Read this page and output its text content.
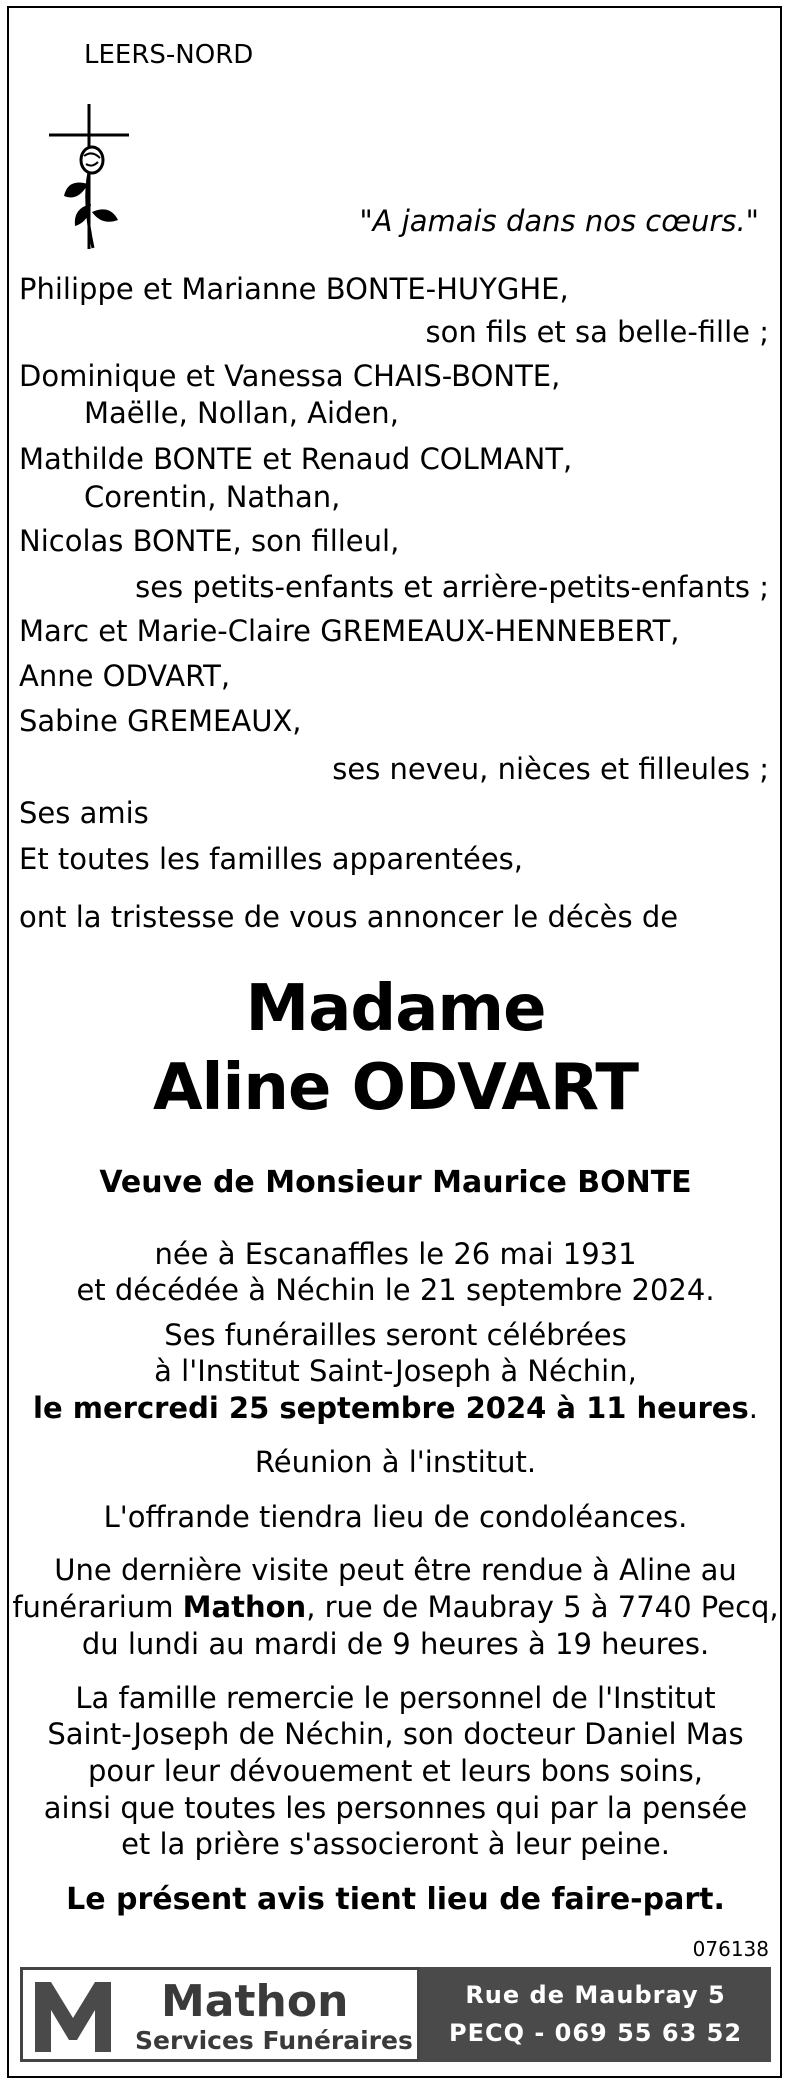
LEERS-NORD
"A jamais dans nos cœurs."
Philippe et Marianne BONTE-HUYGHE,
son fils et sa belle-fille ;
Dominique et Vanessa CHAIS-BONTE,
Maëlle, Nollan, Aiden,
Mathilde BONTE et Renaud COLMANT,
Corentin, Nathan,
Nicolas BONTE, son filleul,
ses petits-enfants et arrière-petits-enfants ;
Marc et Marie-Claire GREMEAUX-HENNEBERT,
Anne ODVART,
Sabine GREMEAUX,
ses neveu, nièces et filleules ;
Ses amis
Et toutes les familles apparentées,
ont la tristesse de vous annoncer le décès de
Madame
Aline ODVART
Veuve de Monsieur Maurice BONTE
née à Escanaffles le 26 mai 1931
et décédée à Néchin le 21 septembre 2024.
Ses funérailles seront célébrées
à l'Institut Saint-Joseph à Néchin,
le mercredi 25 septembre 2024 à 11 heures.
Réunion à l'institut.
L'offrande tiendra lieu de condoléances.
Une dernière visite peut être rendue à Aline au
funérarium Mathon, rue de Maubray 5 à 7740 Pecq,
du lundi au mardi de 9 heures à 19 heures.
La famille remercie le personnel de l'Institut
Saint-Joseph de Néchin, son docteur Daniel Mas
pour leur dévouement et leurs bons soins,
ainsi que toutes les personnes qui par la pensée
et la prière s'associeront à leur peine.
Le présent avis tient lieu de faire-part.
076138
Mathon
Services Funéraires
Rue de Maubray 5
PECQ - 069 55 63 52
